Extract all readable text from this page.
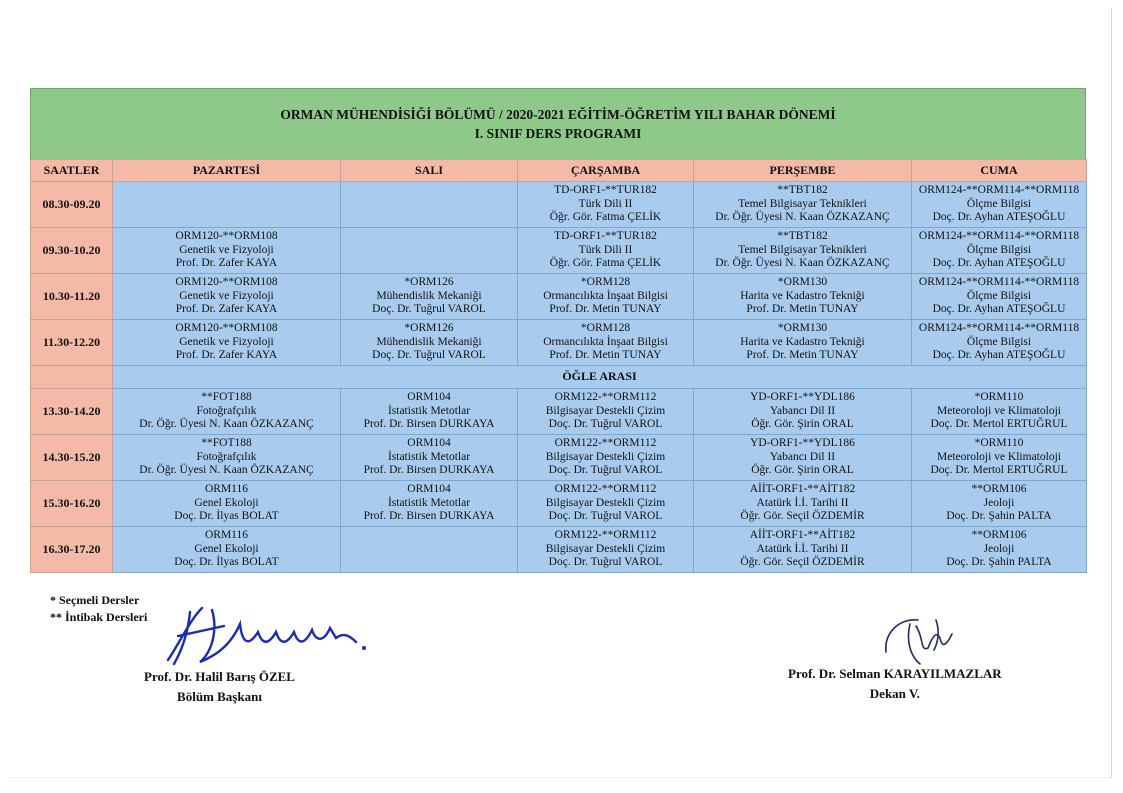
ORMAN MÜHENDİSİĞİ BÖLÜMÜ / 2020-2021 EĞİTİM-ÖĞRETİM YILI BAHAR DÖNEMİ
I. SINIF DERS PROGRAMI
SAATLER	PAZARTESİ	SALI	ÇARŞAMBA	PERŞEMBE	CUMA
08.30-09.20			TD-ORF1-**TUR182
Türk Dili II
Öğr. Gör. Fatma ÇELİK	**TBT182
Temel Bilgisayar Teknikleri
Dr. Öğr. Üyesi N. Kaan ÖZKAZANÇ	ORM124-**ORM114-**ORM118
Ölçme Bilgisi
Doç. Dr. Ayhan ATEŞOĞLU

09.30-10.20	ORM120-**ORM108
Genetik ve Fizyoloji
Prof. Dr. Zafer KAYA		TD-ORF1-**TUR182
Türk Dili II
Öğr. Gör. Fatma ÇELİK	**TBT182
Temel Bilgisayar Teknikleri
Dr. Öğr. Üyesi N. Kaan ÖZKAZANÇ	ORM124-**ORM114-**ORM118
Ölçme Bilgisi
Doç. Dr. Ayhan ATEŞOĞLU

10.30-11.20	ORM120-**ORM108
Genetik ve Fizyoloji
Prof. Dr. Zafer KAYA	*ORM126
Mühendislik Mekaniği
Doç. Dr. Tuğrul VAROL	*ORM128
Ormancılıkta İnşaat Bilgisi
Prof. Dr. Metin TUNAY	*ORM130
Harita ve Kadastro Tekniği
Prof. Dr. Metin TUNAY	ORM124-**ORM114-**ORM118
Ölçme Bilgisi
Doç. Dr. Ayhan ATEŞOĞLU

11.30-12.20	ORM120-**ORM108
Genetik ve Fizyoloji
Prof. Dr. Zafer KAYA	*ORM126
Mühendislik Mekaniği
Doç. Dr. Tuğrul VAROL	*ORM128
Ormancılıkta İnşaat Bilgisi
Prof. Dr. Metin TUNAY	*ORM130
Harita ve Kadastro Tekniği
Prof. Dr. Metin TUNAY	ORM124-**ORM114-**ORM118
Ölçme Bilgisi
Doç. Dr. Ayhan ATEŞOĞLU

	ÖĞLE ARASI				
13.30-14.20	**FOT188
Fotoğrafçılık
Dr. Öğr. Üyesi N. Kaan ÖZKAZANÇ	ORM104
İstatistik Metotlar
Prof. Dr. Birsen DURKAYA	ORM122-**ORM112
Bilgisayar Destekli Çizim
Doç. Dr. Tuğrul VAROL	YD-ORF1-**YDL186
Yabancı Dil II
Öğr. Gör. Şirin ORAL	*ORM110
Meteoroloji ve Klimatoloji
Doç. Dr. Mertol ERTUĞRUL

14.30-15.20	**FOT188
Fotoğrafçılık
Dr. Öğr. Üyesi N. Kaan ÖZKAZANÇ	ORM104
İstatistik Metotlar
Prof. Dr. Birsen DURKAYA	ORM122-**ORM112
Bilgisayar Destekli Çizim
Doç. Dr. Tuğrul VAROL	YD-ORF1-**YDL186
Yabancı Dil II
Öğr. Gör. Şirin ORAL	*ORM110
Meteoroloji ve Klimatoloji
Doç. Dr. Mertol ERTUĞRUL

15.30-16.20	ORM116
Genel Ekoloji
Doç. Dr. İlyas BOLAT	ORM104
İstatistik Metotlar
Prof. Dr. Birsen DURKAYA	ORM122-**ORM112
Bilgisayar Destekli Çizim
Doç. Dr. Tuğrul VAROL	AİİT-ORF1-**AİT182
Atatürk İ.İ. Tarihi II
Öğr. Gör. Seçil ÖZDEMİR	**ORM106
Jeoloji
Doç. Dr. Şahin PALTA

16.30-17.20	ORM116
Genel Ekoloji
Doç. Dr. İlyas BOLAT		ORM122-**ORM112
Bilgisayar Destekli Çizim
Doç. Dr. Tuğrul VAROL	AİİT-ORF1-**AİT182
Atatürk İ.İ. Tarihi II
Öğr. Gör. Seçil ÖZDEMİR	**ORM106
Jeoloji
Doç. Dr. Şahin PALTA
* Seçmeli Dersler
** İntibak Dersleri
Prof. Dr. Halil Barış ÖZEL
Bölüm Başkanı
Prof. Dr. Selman KARAYILMAZLAR
Dekan V.
